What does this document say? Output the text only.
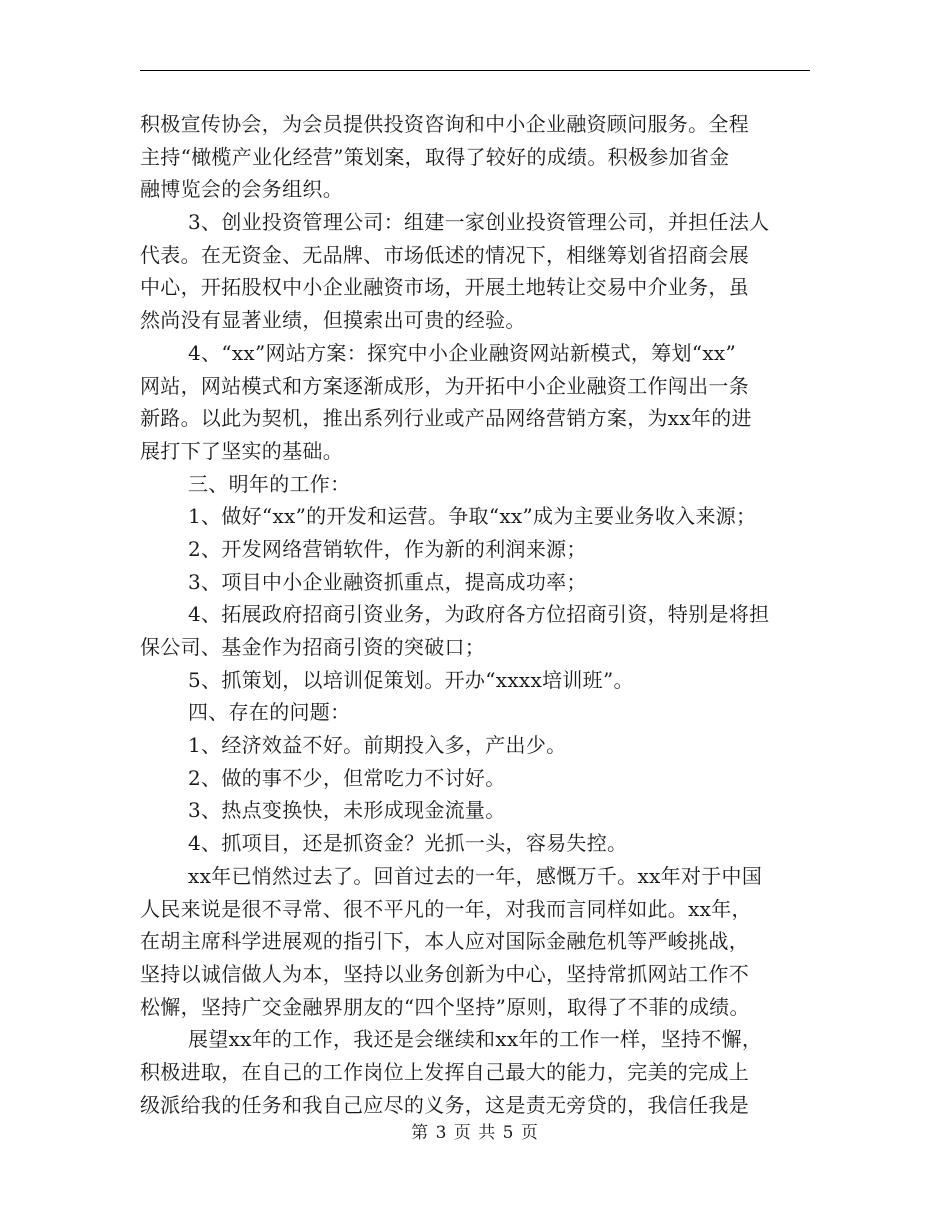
积极宣传协会，为会员提供投资咨询和中小企业融资顾问服务。全程
主持“橄榄产业化经营”策划案，取得了较好的成绩。积极参加省金
融博览会的会务组织。
3、创业投资管理公司：组建一家创业投资管理公司，并担任法人
代表。在无资金、无品牌、市场低述的情况下，相继筹划省招商会展
中心，开拓股权中小企业融资市场，开展土地转让交易中介业务，虽
然尚没有显著业绩，但摸索出可贵的经验。
4、“xx”网站方案：探究中小企业融资网站新模式，筹划“xx”
网站，网站模式和方案逐渐成形，为开拓中小企业融资工作闯出一条
新路。以此为契机，推出系列行业或产品网络营销方案，为xx年的进
展打下了坚实的基础。
三、明年的工作：
1、做好“xx”的开发和运营。争取“xx”成为主要业务收入来源；
2、开发网络营销软件，作为新的利润来源；
3、项目中小企业融资抓重点，提高成功率；
4、拓展政府招商引资业务，为政府各方位招商引资，特别是将担
保公司、基金作为招商引资的突破口；
5、抓策划，以培训促策划。开办“xxxx培训班”。
四、存在的问题：
1、经济效益不好。前期投入多，产出少。
2、做的事不少，但常吃力不讨好。
3、热点变换快，未形成现金流量。
4、抓项目，还是抓资金？光抓一头，容易失控。
xx年已悄然过去了。回首过去的一年，感慨万千。xx年对于中国
人民来说是很不寻常、很不平凡的一年，对我而言同样如此。xx年，
在胡主席科学进展观的指引下，本人应对国际金融危机等严峻挑战，
坚持以诚信做人为本，坚持以业务创新为中心，坚持常抓网站工作不
松懈，坚持广交金融界朋友的“四个坚持”原则，取得了不菲的成绩。
展望xx年的工作，我还是会继续和xx年的工作一样，坚持不懈，
积极进取，在自己的工作岗位上发挥自己最大的能力，完美的完成上
级派给我的任务和我自己应尽的义务，这是责无旁贷的，我信任我是
第 3 页 共 5 页
